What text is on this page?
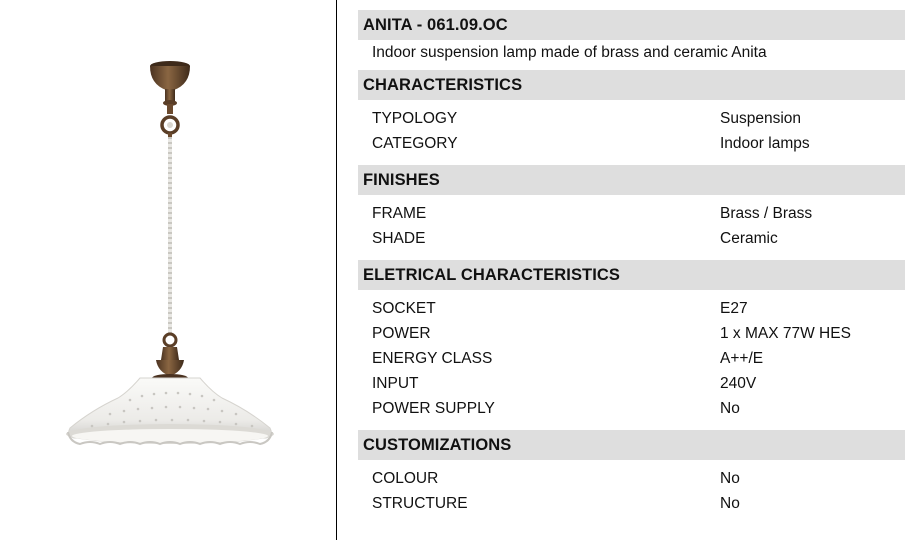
ANITA - 061.09.OC
Indoor suspension lamp made of brass and ceramic Anita
CHARACTERISTICS
TYPOLOGY	Suspension
CATEGORY	Indoor lamps
FINISHES
FRAME	Brass / Brass
SHADE	Ceramic
ELETRICAL CHARACTERISTICS
SOCKET	E27
POWER	1 x MAX 77W HES
ENERGY CLASS	A++/E
INPUT	240V
POWER SUPPLY	No
CUSTOMIZATIONS
COLOUR	No
STRUCTURE	No
